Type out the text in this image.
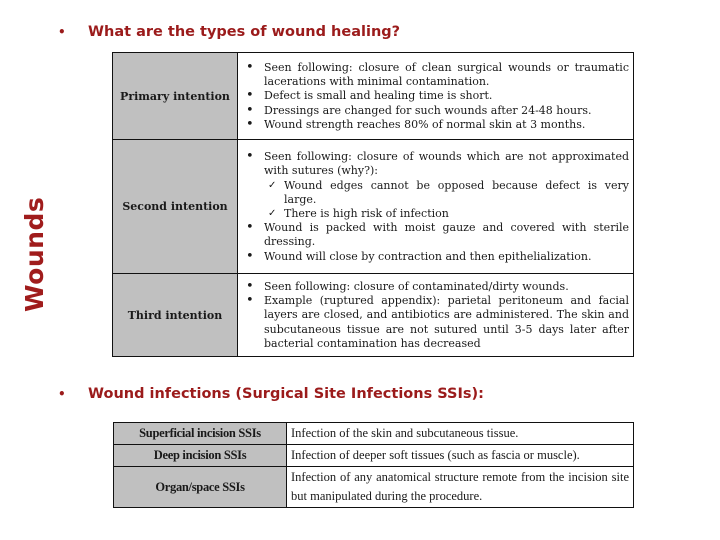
Wounds
• What are the types of wound healing?
Primary intention	
• Seen following: closure of clean surgical wounds or traumatic lacerations with minimal contamination.
• Defect is small and healing time is short.
• Dressings are changed for such wounds after 24-48 hours.
• Wound strength reaches 80% of normal skin at 3 months.

Second intention	
• Seen following: closure of wounds which are not approximated with sutures (why?):
✓ Wound edges cannot be opposed because defect is very large.
✓ There is high risk of infection
• Wound is packed with moist gauze and covered with sterile dressing.
• Wound will close by contraction and then epithelialization.

Third intention	
• Seen following: closure of contaminated/dirty wounds.
• Example (ruptured appendix): parietal peritoneum and facial layers are closed, and antibiotics are administered. The skin and subcutaneous tissue are not sutured until 3-5 days later after bacterial contamination has decreased
• Wound infections (Surgical Site Infections SSIs):
Superficial incision SSIs	Infection of the skin and subcutaneous tissue.
Deep incision SSIs	Infection of deeper soft tissues (such as fascia or muscle).
Organ/space SSIs	Infection of any anatomical structure remote from the incision site but manipulated during the procedure.
